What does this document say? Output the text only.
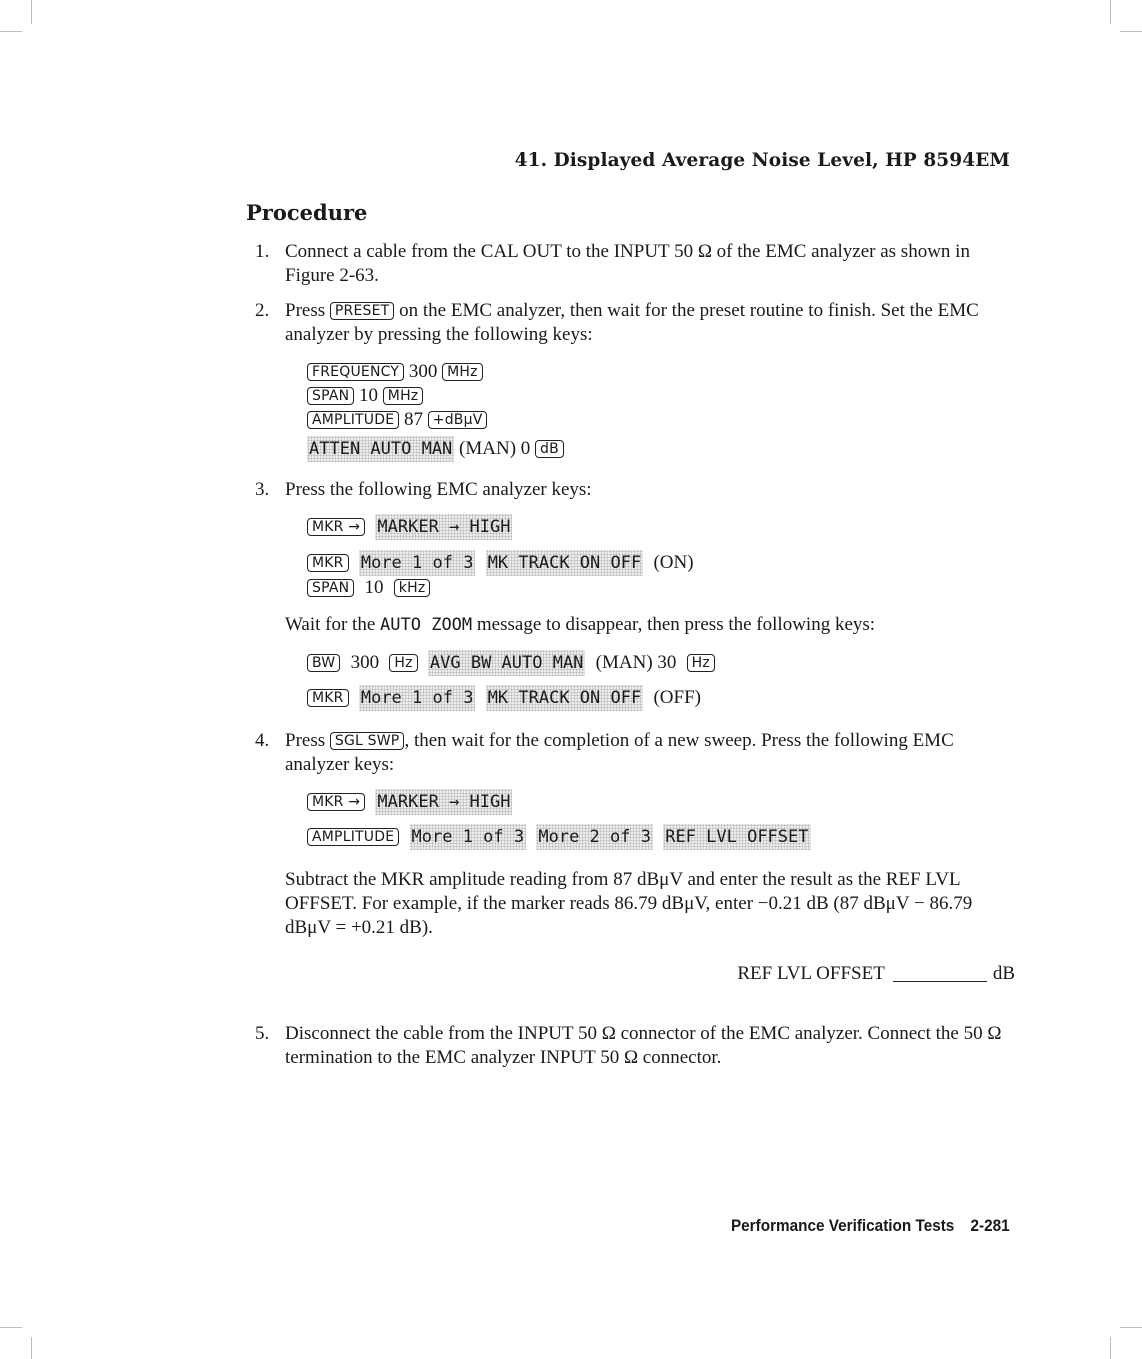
41. Displayed Average Noise Level, HP 8594EM
Procedure
1. Connect a cable from the CAL OUT to the INPUT 50 Ω of the EMC analyzer as shown in Figure 2-63.

2. Press PRESET on the EMC analyzer, then wait for the preset routine to finish. Set the EMC analyzer by pressing the following keys:

FREQUENCY 300 MHz
SPAN 10 MHz
AMPLITUDE 87 +dBμV
ATTEN AUTO MAN (MAN) 0 dB
3. Press the following EMC analyzer keys:

MKR → MARKER → HIGH
MKR More 1 of 3 MK TRACK ON OFF (ON)
SPAN 10 kHz

Wait for the AUTO ZOOM message to disappear, then press the following keys:

BW 300 Hz AVG BW AUTO MAN (MAN) 30 Hz
MKR More 1 of 3 MK TRACK ON OFF (OFF)
4. Press SGL SWP , then wait for the completion of a new sweep. Press the following EMC analyzer keys:

MKR → MARKER → HIGH
AMPLITUDE More 1 of 3 More 2 of 3 REF LVL OFFSET

Subtract the MKR amplitude reading from 87 dBμV and enter the result as the REF LVL OFFSET. For example, if the marker reads 86.79 dBμV, enter −0.21 dB (87 dBμV − 86.79 dBμV = +0.21 dB).

REF LVL OFFSET	dB
5. Disconnect the cable from the INPUT 50 Ω connector of the EMC analyzer. Connect the 50 Ω termination to the EMC analyzer INPUT 50 Ω connector.

Performance Verification Tests 2-281
